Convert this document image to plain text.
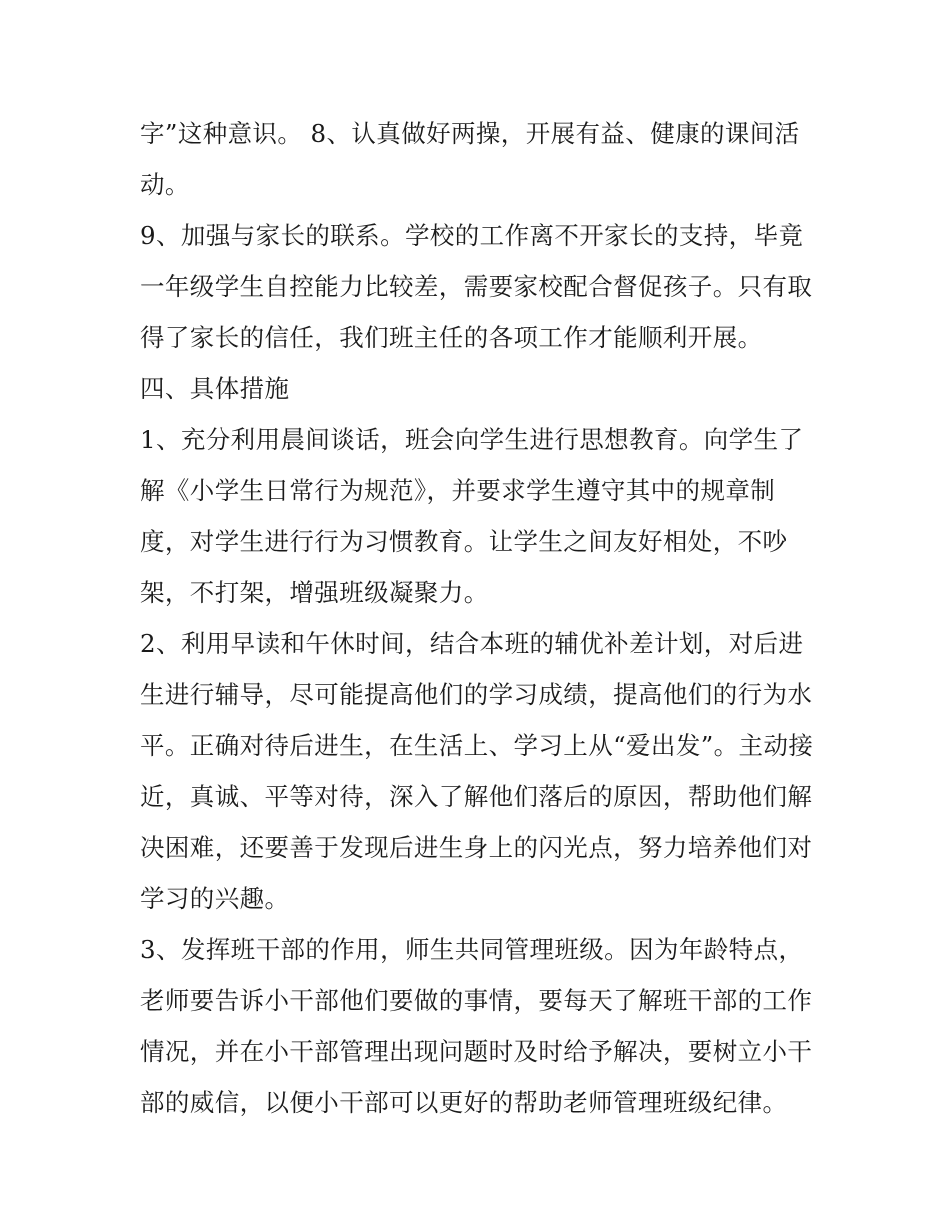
字”这种意识。 8、认真做好两操，开展有益、健康的课间活
动。
9、加强与家长的联系。学校的工作离不开家长的支持，毕竟
一年级学生自控能力比较差，需要家校配合督促孩子。只有取
得了家长的信任，我们班主任的各项工作才能顺利开展。
四、具体措施
1、充分利用晨间谈话，班会向学生进行思想教育。向学生了
解《小学生日常行为规范》，并要求学生遵守其中的规章制
度，对学生进行行为习惯教育。让学生之间友好相处，不吵
架，不打架，增强班级凝聚力。
2、利用早读和午休时间，结合本班的辅优补差计划，对后进
生进行辅导，尽可能提高他们的学习成绩，提高他们的行为水
平。正确对待后进生，在生活上、学习上从“爱出发”。主动接
近，真诚、平等对待，深入了解他们落后的原因，帮助他们解
决困难，还要善于发现后进生身上的闪光点，努力培养他们对
学习的兴趣。
3、发挥班干部的作用，师生共同管理班级。因为年龄特点，
老师要告诉小干部他们要做的事情，要每天了解班干部的工作
情况，并在小干部管理出现问题时及时给予解决，要树立小干
部的威信，以便小干部可以更好的帮助老师管理班级纪律。
